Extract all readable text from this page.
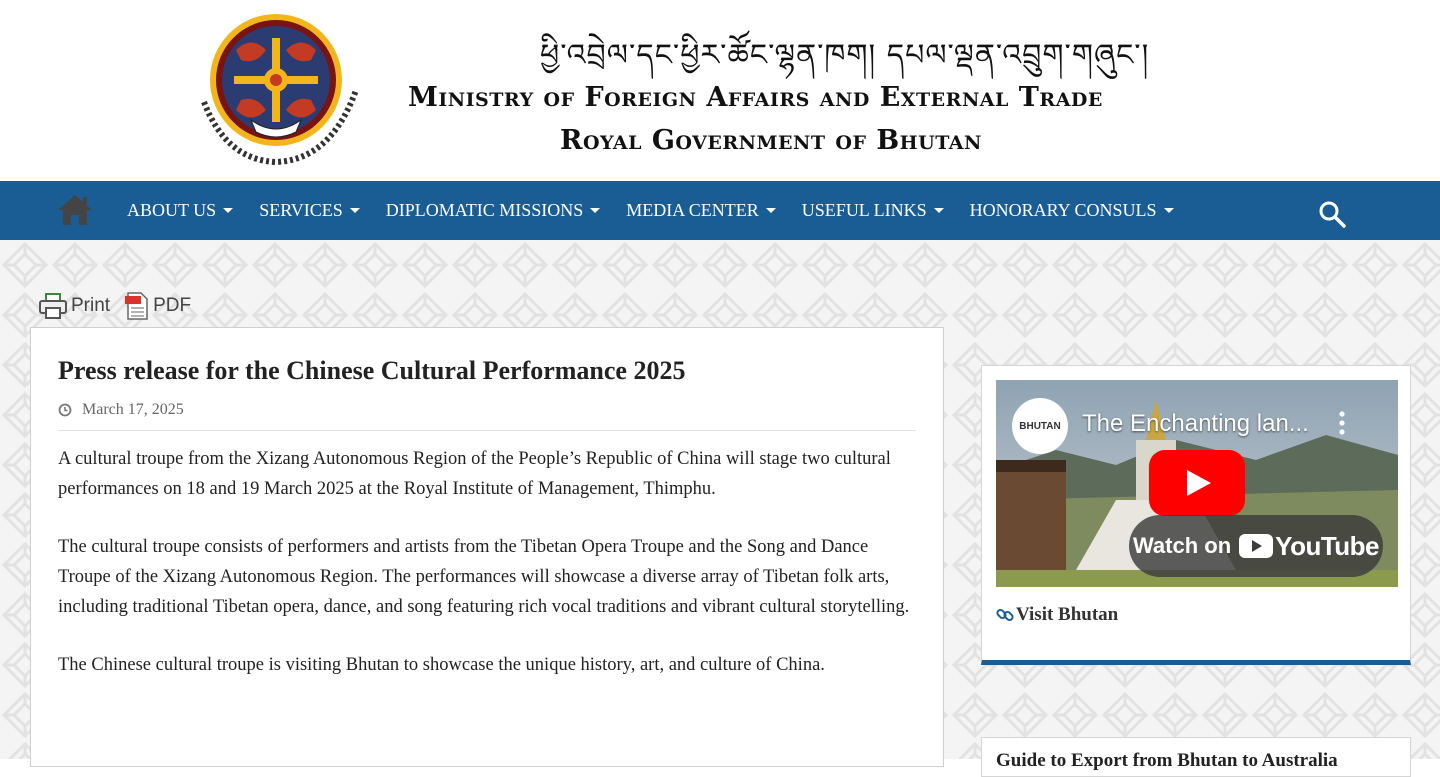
ཕྱི་འབྲེལ་དང་ཕྱིར་ཚོང་ལྷན་ཁག། དཔལ་ལྡན་འབྲུག་གཞུང་།
Ministry of Foreign Affairs and External Trade
Royal Government of Bhutan
ABOUT US SERVICES DIPLOMATIC MISSIONS MEDIA CENTER USEFUL LINKS HONORARY CONSULS
Print PDF
Press release for the Chinese Cultural Performance 2025
March 17, 2025

A cultural troupe from the Xizang Autonomous Region of the People’s Republic of China will stage two cultural performances on 18 and 19 March 2025 at the Royal Institute of Management, Thimphu.

The cultural troupe consists of performers and artists from the Tibetan Opera Troupe and the Song and Dance Troupe of the Xizang Autonomous Region. The performances will showcase a diverse array of Tibetan folk arts, including traditional Tibetan opera, dance, and song featuring rich vocal traditions and vibrant cultural storytelling.

The Chinese cultural troupe is visiting Bhutan to showcase the unique history, art, and culture of China.

BHUTAN The Enchanting lan...
Watch on YouTube
Visit Bhutan
Guide to Export from Bhutan to Australia
